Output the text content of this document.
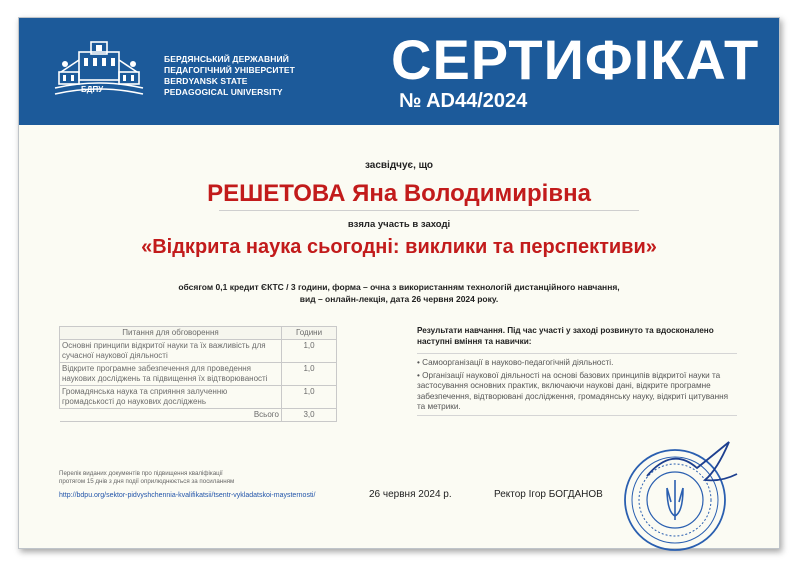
БДПУ
БЕРДЯНСЬКИЙ ДЕРЖАВНИЙ
ПЕДАГОГІЧНИЙ УНІВЕРСИТЕТ
BERDYANSK STATE
PEDAGOGICAL UNIVERSITY
СЕРТИФІКАТ
№ AD44/2024
засвідчує, що
РЕШЕТОВА Яна Володимирівна
взяла участь в заході
«Відкрита наука сьогодні: виклики та перспективи»
обсягом 0,1 кредит ЄКТС / 3 години, форма – очна з використанням технологій дистанційного навчання,
вид – онлайн-лекція, дата 26 червня 2024 року.
Питання для обговорення	Години
Основні принципи відкритої науки та їх важливість для сучасної наукової діяльності	1,0
Відкрите програмне забезпечення для проведення наукових досліджень та підвищення їх відтворюваності	1,0
Громадянська наука та сприяння залученню громадськості до наукових досліджень	1,0
Всього	3,0
Результати навчання. Під час участі у заході розвинуто та вдосконалено наступні вміння та навички:
• Самоорганізації в науково-педагогічній діяльності.
• Організації наукової діяльності на основі базових принципів відкритої науки та застосування основних практик, включаючи наукові дані, відкрите програмне забезпечення, відтворювані дослідження, громадянську науку, відкриті цитування та метрики.
Перелік виданих документів про підвищення кваліфікації
протягом 15 днів з дня події оприлюднюється за посиланням
http://bdpu.org/sektor-pidvyshchennia-kvalifikatsii/tsentr-vykladatskoi-maysternosti/	26 червня 2024 р.	Ректор Ігор БОГДАНОВ
